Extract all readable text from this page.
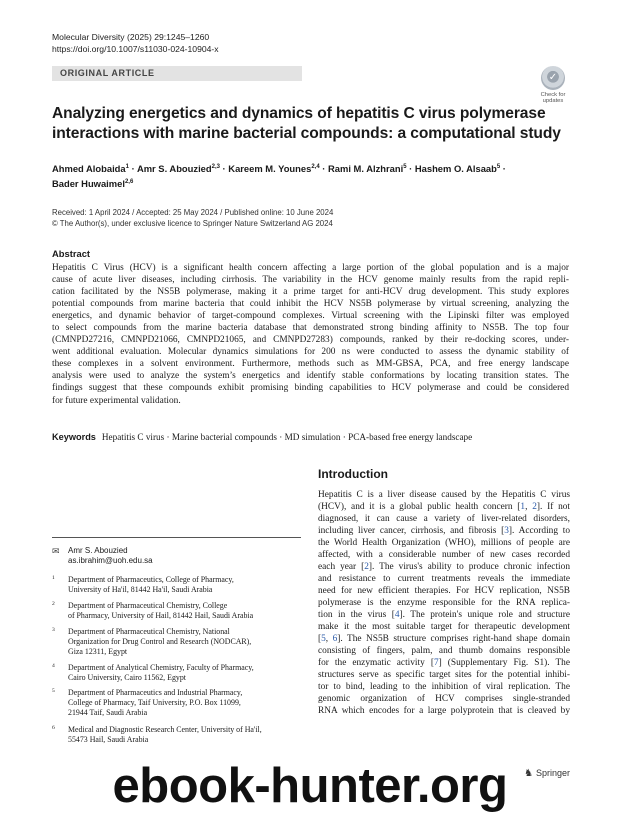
Molecular Diversity (2025) 29:1245–1260
https://doi.org/10.1007/s11030-024-10904-x
ORIGINAL ARTICLE	✓
Check for
updates
Analyzing energetics and dynamics of hepatitis C virus polymerase
interactions with marine bacterial compounds: a computational study
Ahmed Alobaida$^1$ · Amr S. Abouzied$^{2,3}$ · Kareem M. Younes$^{2,4}$ · Rami M. Alzhrani$^5$ · Hashem O. Alsaab$^5$ ·
Bader Huwaimel$^{2,6}$
Received: 1 April 2024 / Accepted: 25 May 2024 / Published online: 10 June 2024
© The Author(s), under exclusive licence to Springer Nature Switzerland AG 2024
Abstract
Hepatitis C Virus (HCV) is a significant health concern affecting a large portion of the global population and is a major
cause of acute liver diseases, including cirrhosis. The variability in the HCV genome mainly results from the rapid repli-
cation facilitated by the NS5B polymerase, making it a prime target for anti-HCV drug development. This study explores
potential compounds from marine bacteria that could inhibit the HCV NS5B polymerase by virtual screening, analyzing the
energetics, and dynamic behavior of target-compound complexes. Virtual screening with the Lipinski filter was employed
to select compounds from the marine bacteria database that demonstrated strong binding affinity to NS5B. The top four
(CMNPD27216, CMNPD21066, CMNPD21065, and CMNPD27283) compounds, ranked by their re-docking scores, under-
went additional evaluation. Molecular dynamics simulations for 200 ns were conducted to assess the dynamic stability of
these complexes in a solvent environment. Furthermore, methods such as MM-GBSA, PCA, and free energy landscape
analysis were used to analyze the system’s energetics and identify stable conformations by locating transition states. The
findings suggest that these compounds exhibit promising binding capabilities to HCV polymerase and could be considered
for future experimental validation.
Keywords Hepatitis C virus · Marine bacterial compounds · MD simulation · PCA-based free energy landscape
Introduction
Hepatitis C is a liver disease caused by the Hepatitis C virus
(HCV), and it is a global public health concern [1, 2]. If not
diagnosed, it can cause a variety of liver-related disorders,
including liver cancer, cirrhosis, and fibrosis [3]. According to
the World Health Organization (WHO), millions of people are
affected, with a considerable number of new cases recorded
each year [2]. The virus's ability to produce chronic infection
and resistance to current treatments reveals the immediate
need for new efficient therapies. For HCV replication, NS5B
polymerase is the enzyme responsible for the RNA replica-
tion in the virus [4]. The protein's unique role and structure
make it the most suitable target for therapeutic development
[5, 6]. The NS5B structure comprises right-hand shape domain
consisting of fingers, palm, and thumb domains responsible
for the enzymatic activity [7] (Supplementary Fig. S1). The
structures serve as specific target sites for the potential inhibi-
tor to bind, leading to the inhibition of viral replication. The
genomic organization of HCV comprises single-stranded
RNA which encodes for a large polyprotein that is cleaved by
✉ Amr S. Abouzied
as.ibrahim@uoh.edu.sa
1 Department of Pharmaceutics, College of Pharmacy,
University of Ha'il, 81442 Ha'il, Saudi Arabia
2 Department of Pharmaceutical Chemistry, College
of Pharmacy, University of Hail, 81442 Hail, Saudi Arabia
3 Department of Pharmaceutical Chemistry, National
Organization for Drug Control and Research (NODCAR),
Giza 12311, Egypt
4 Department of Analytical Chemistry, Faculty of Pharmacy,
Cairo University, Cairo 11562, Egypt
5 Department of Pharmaceutics and Industrial Pharmacy,
College of Pharmacy, Taif University, P.O. Box 11099,
21944 Taif, Saudi Arabia
6 Medical and Diagnostic Research Center, University of Ha'il,
55473 Hail, Saudi Arabia
♞ Springer
ebook-hunter.org
